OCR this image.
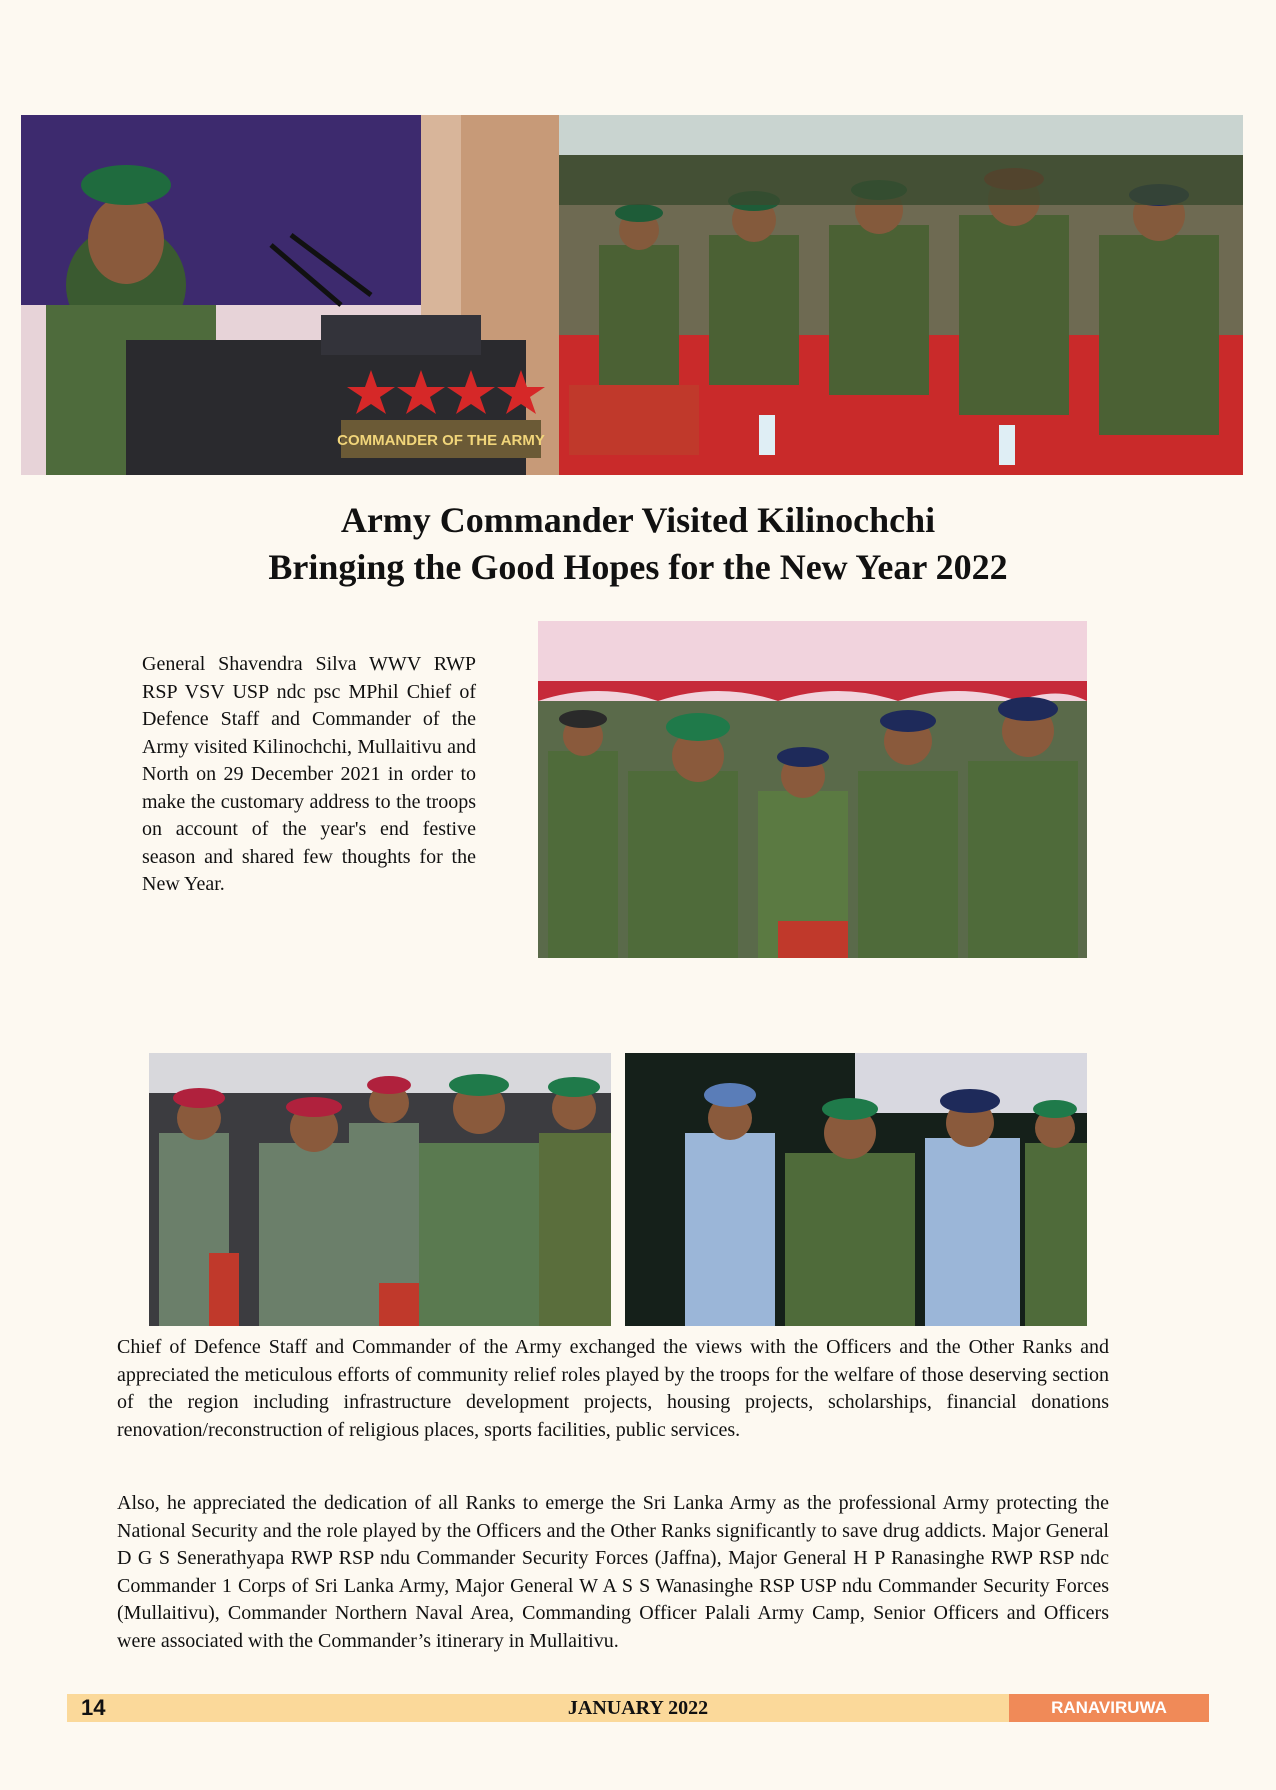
COMMANDER OF THE ARMY
Army Commander Visited Kilinochchi
Bringing the Good Hopes for the New Year 2022

General Shavendra Silva WWV RWP RSP VSV USP ndc psc MPhil Chief of Defence Staff and Commander of the Army visited Kilinochchi, Mullaitivu and North on 29 December 2021 in order to make the customary address to the troops on account of the year's end festive season and shared few thoughts for the New Year.

Chief of Defence Staff and Commander of the Army exchanged the views with the Officers and the Other Ranks and appreciated the meticulous efforts of community relief roles played by the troops for the welfare of those deserving section of the region including infrastructure development projects, housing projects, scholarships, financial donations renovation/reconstruction of religious places, sports facilities, public services.

Also, he appreciated the dedication of all Ranks to emerge the Sri Lanka Army as the professional Army protecting the National Security and the role played by the Officers and the Other Ranks significantly to save drug addicts. Major General D G S Senerathyapa RWP RSP ndu Commander Security Forces (Jaffna), Major General H P Ranasinghe RWP RSP ndc Commander 1 Corps of Sri Lanka Army, Major General W A S S Wanasinghe RSP USP ndu Commander Security Forces (Mullaitivu), Commander Northern Naval Area, Commanding Officer Palali Army Camp, Senior Officers and Officers were associated with the Commander’s itinerary in Mullaitivu.

14	JANUARY 2022	RANAVIRUWA
